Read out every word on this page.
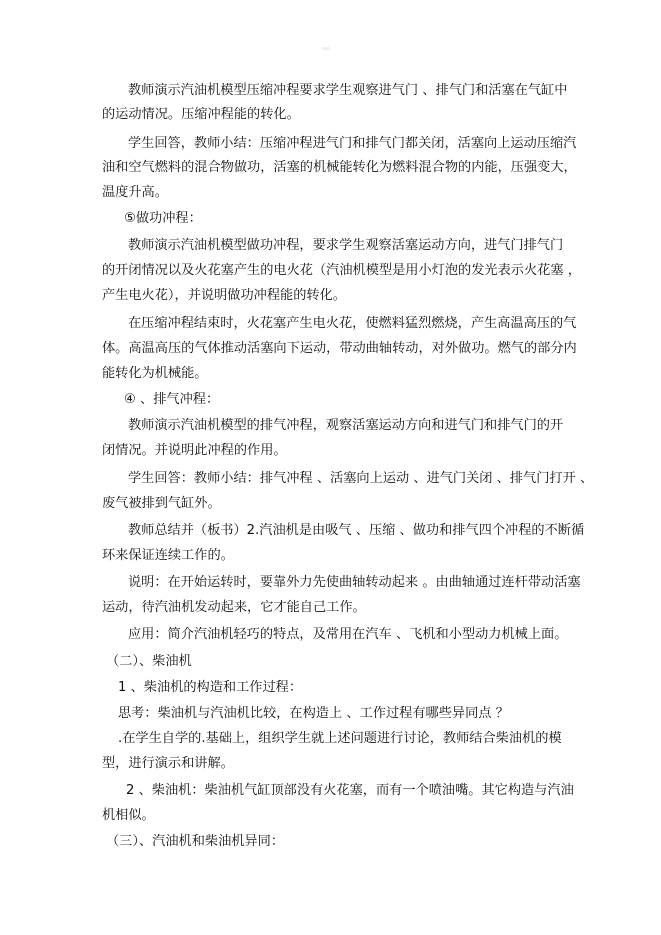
教师演示汽油机模型压缩冲程要求学生观察进气门 、排气门和活塞在气缸中
的运动情况。压缩冲程能的转化。
学生回答，教师小结：压缩冲程进气门和排气门都关闭，活塞向上运动压缩汽
油和空气燃料的混合物做功，活塞的机械能转化为燃料混合物的内能，压强变大，
温度升高。
⑤做功冲程：
教师演示汽油机模型做功冲程，要求学生观察活塞运动方向，进气门排气门
的开闭情况以及火花塞产生的电火花（汽油机模型是用小灯泡的发光表示火花塞 ，
产生电火花），并说明做功冲程能的转化。
在压缩冲程结束时，火花塞产生电火花，使燃料猛烈燃烧，产生高温高压的气
体。高温高压的气体推动活塞向下运动，带动曲轴转动，对外做功。燃气的部分内
能转化为机械能。
④ 、排气冲程：
教师演示汽油机模型的排气冲程，观察活塞运动方向和进气门和排气门的开
闭情况。并说明此冲程的作用。
学生回答：教师小结：排气冲程 、活塞向上运动 、进气门关闭 、排气门打开 、
废气被排到气缸外。
教师总结并（板书）2.汽油机是由吸气 、压缩 、做功和排气四个冲程的不断循
环来保证连续工作的。
说明：在开始运转时，要靠外力先使曲轴转动起来 。由曲轴通过连杆带动活塞
运动，待汽油机发动起来，它才能自己工作。
应用：简介汽油机轻巧的特点，及常用在汽车 、飞机和小型动力机械上面。
（二）、柴油机
1 、柴油机的构造和工作过程：
思考：柴油机与汽油机比较，在构造上 、工作过程有哪些异同点 ？
.在学生自学的.基础上，组织学生就上述问题进行讨论，教师结合柴油机的模
型，进行演示和讲解。
2 、柴油机：柴油机气缸顶部没有火花塞，而有一个喷油嘴。其它构造与汽油
机相似。
（三）、汽油机和柴油机异同：
